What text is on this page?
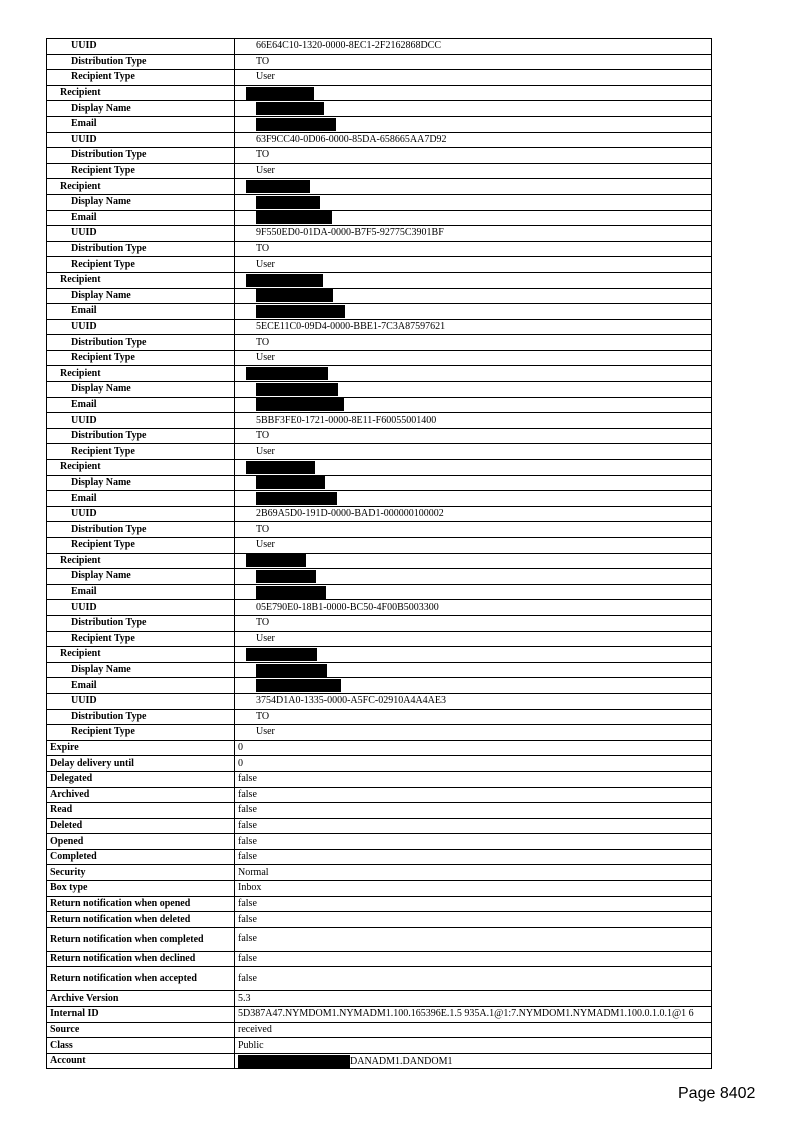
UUID	66E64C10-1320-0000-8EC1-2F2162868DCC
Distribution Type	TO
Recipient Type	User
Recipient	
Display Name	
Email	
UUID	63F9CC40-0D06-0000-85DA-658665AA7D92
Distribution Type	TO
Recipient Type	User
Recipient	
Display Name	
Email	
UUID	9F550ED0-01DA-0000-B7F5-92775C3901BF
Distribution Type	TO
Recipient Type	User
Recipient	
Display Name	
Email	
UUID	5ECE11C0-09D4-0000-BBE1-7C3A87597621
Distribution Type	TO
Recipient Type	User
Recipient	
Display Name	
Email	
UUID	5BBF3FE0-1721-0000-8E11-F60055001400
Distribution Type	TO
Recipient Type	User
Recipient	
Display Name	
Email	
UUID	2B69A5D0-191D-0000-BAD1-000000100002
Distribution Type	TO
Recipient Type	User
Recipient	
Display Name	
Email	
UUID	05E790E0-18B1-0000-BC50-4F00B5003300
Distribution Type	TO
Recipient Type	User
Recipient	
Display Name	
Email	
UUID	3754D1A0-1335-0000-A5FC-02910A4A4AE3
Distribution Type	TO
Recipient Type	User
Expire	0
Delay delivery until	0
Delegated	false
Archived	false
Read	false
Deleted	false
Opened	false
Completed	false
Security	Normal
Box type	Inbox
Return notification when opened	false
Return notification when deleted	false
Return notification when completed	false
Return notification when declined	false
Return notification when accepted	false
Archive Version	5.3
Internal ID	5D387A47.NYMDOM1.NYMADM1.100.165396E.1.5 935A.1@1:7.NYMDOM1.NYMADM1.100.0.1.0.1@1 6
Source	received
Class	Public
Account	DANADM1.DANDOM1
Page 8402
